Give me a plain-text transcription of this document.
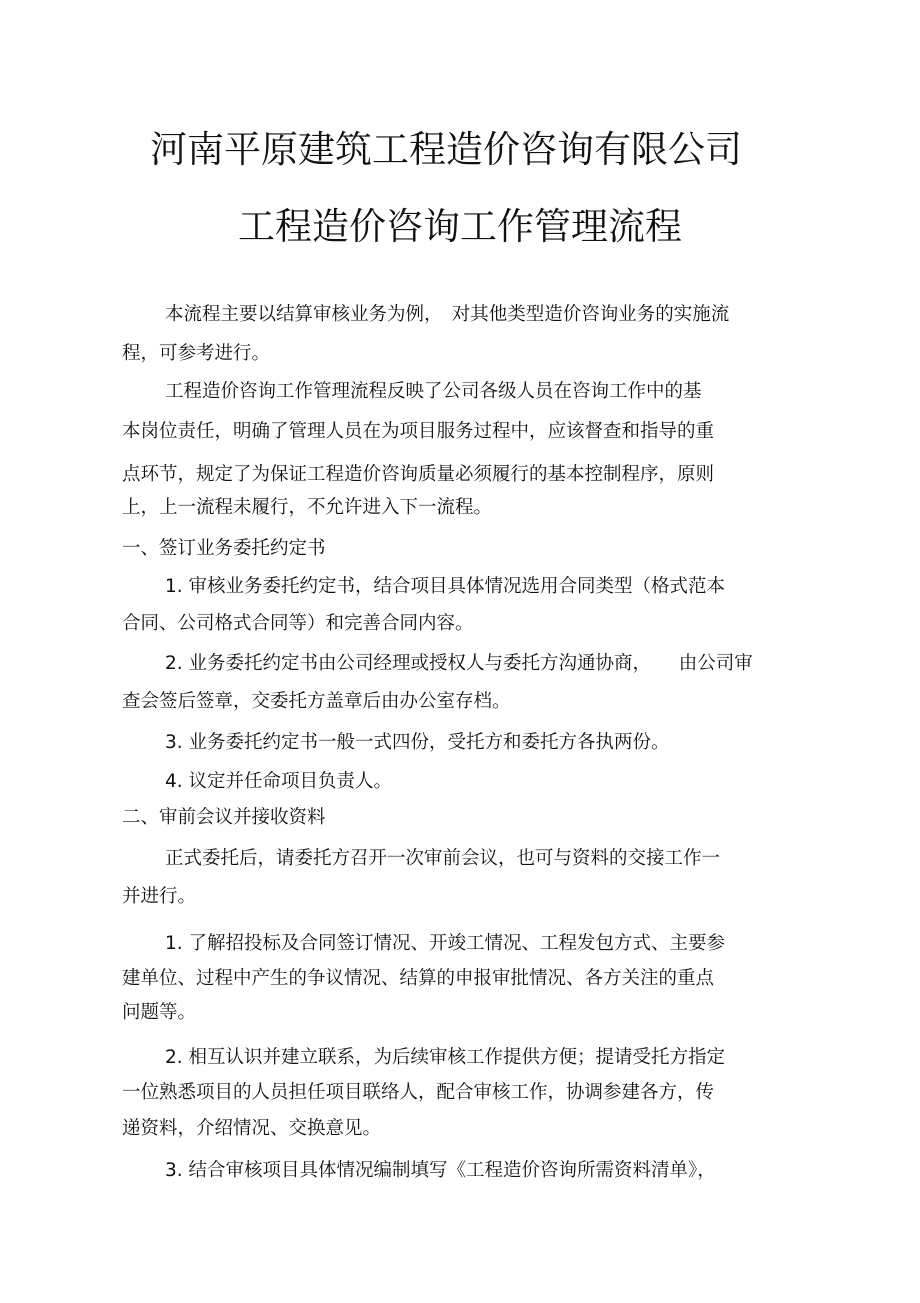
河南平原建筑工程造价咨询有限公司
工程造价咨询工作管理流程

本流程主要以结算审核业务为例，　对其他类型造价咨询业务的实施流

程，可参考进行。

工程造价咨询工作管理流程反映了公司各级人员在咨询工作中的基

本岗位责任，明确了管理人员在为项目服务过程中，应该督查和指导的重

点环节，规定了为保证工程造价咨询质量必须履行的基本控制程序，原则

上，上一流程未履行，不允许进入下一流程。

一、签订业务委托约定书

1. 审核业务委托约定书，结合项目具体情况选用合同类型（格式范本

合同、公司格式合同等）和完善合同内容。

2. 业务委托约定书由公司经理或授权人与委托方沟通协商，　　由公司审

查会签后签章，交委托方盖章后由办公室存档。

3. 业务委托约定书一般一式四份，受托方和委托方各执两份。

4. 议定并任命项目负责人。

二、审前会议并接收资料

正式委托后，请委托方召开一次审前会议，也可与资料的交接工作一

并进行。

1. 了解招投标及合同签订情况、开竣工情况、工程发包方式、主要参

建单位、过程中产生的争议情况、结算的申报审批情况、各方关注的重点

问题等。

2. 相互认识并建立联系，为后续审核工作提供方便；提请受托方指定

一位熟悉项目的人员担任项目联络人，配合审核工作，协调参建各方，传

递资料，介绍情况、交换意见。

3. 结合审核项目具体情况编制填写《工程造价咨询所需资料清单》，
